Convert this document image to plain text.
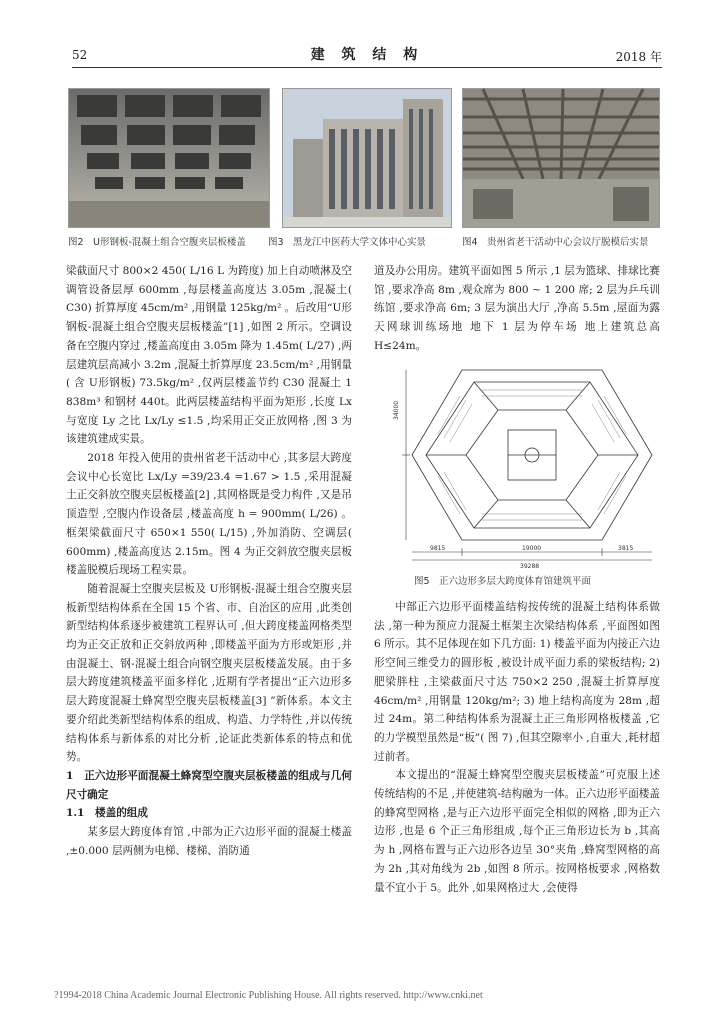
52	建 筑 结 构	2018 年
图2　U形钢板-混凝土组合空腹夹层板楼盖 图3　黑龙江中医药大学文体中心实景	图4　贵州省老干活动中心会议厅脱模后实景

梁截面尺寸 800×2 450( L/16 L 为跨度) 加上自动喷淋及空调管设备层厚 600mm ,每层楼盖高度达 3.05m ,混凝土( C30) 折算厚度 45cm/m² ,用钢量 125kg/m² 。后改用“U形钢板-混凝土组合空腹夹层板楼盖”[1] ,如图 2 所示。空调设备在空腹内穿过 ,楼盖高度由 3.05m 降为 1.45m( L/27) ,两层建筑层高减小 3.2m ,混凝土折算厚度 23.5cm/m² ,用钢量( 含 U形钢板) 73.5kg/m² ,仅两层楼盖节约 C30 混凝土 1 838m³ 和钢材 440t。此两层楼盖结构平面为矩形 ,长度 Lx 与宽度 Ly 之比 Lx/Ly ≤1.5 ,均采用正交正放网格 ,图 3 为该建筑建成实景。

2018 年投入使用的贵州省老干活动中心 ,其多层大跨度会议中心长宽比 Lx/Ly =39/23.4 =1.67 > 1.5 ,采用混凝土正交斜放空腹夹层板楼盖[2] ,其网格既是受力构件 ,又是吊顶造型 ,空腹内作设备层 ,楼盖高度 h = 900mm( L/26) 。框架梁截面尺寸 650×1 550( L/15) ,外加消防、空调层( 600mm) ,楼盖高度达 2.15m。图 4 为正交斜放空腹夹层板楼盖脱模后现场工程实景。

随着混凝土空腹夹层板及 U形钢板-混凝土组合空腹夹层板新型结构体系在全国 15 个省、市、自治区的应用 ,此类创新型结构体系逐步被建筑工程界认可 ,但大跨度楼盖网格类型均为正交正放和正交斜放两种 ,即楼盖平面为方形或矩形 ,并由混凝土、钢-混凝土组合向钢空腹夹层板楼盖发展。由于多层大跨度建筑楼盖平面多样化 ,近期有学者提出“正六边形多层大跨度混凝土蜂窝型空腹夹层板楼盖[3] ”新体系。本文主要介绍此类新型结构体系的组成、构造、力学特性 ,并以传统结构体系与新体系的对比分析 ,论证此类新体系的特点和优势。

1　正六边形平面混凝土蜂窝型空腹夹层板楼盖的组成与几何尺寸确定

1.1　楼盖的组成

某多层大跨度体育馆 ,中部为正六边形平面的混凝土楼盖 ,±0.000 层两侧为电梯、楼梯、消防通

道及办公用房。建筑平面如图 5 所示 ,1 层为篮球、排球比赛馆 ,要求净高 8m ,观众席为 800 ~ 1 200 席; 2 层为乒乓训练馆 ,要求净高 6m; 3 层为演出大厅 ,净高 5.5m ,屋面为露天网球训练场地 地下 1 层为停车场 地上建筑总高 H≤24m。

9815	19000	3815
39288
34000
图5　正六边形多层大跨度体育馆建筑平面

中部正六边形平面楼盖结构按传统的混凝土结构体系做法 ,第一种为预应力混凝土框架主次梁结构体系 ,平面图如图 6 所示。其不足体现在如下几方面: 1) 楼盖平面为内接正六边形空间三维受力的圆形板 ,被设计成平面力系的梁板结构; 2) 肥梁胖柱 ,主梁截面尺寸达 750×2 250 ,混凝土折算厚度 46cm/m² ,用钢量 120kg/m²; 3) 地上结构高度为 28m ,超过 24m。第二种结构体系为混凝土正三角形网格板楼盖 ,它的力学模型虽然是“板”( 图 7) ,但其空隙率小 ,自重大 ,耗材超过前者。

本文提出的“混凝土蜂窝型空腹夹层板楼盖”可克服上述传统结构的不足 ,并使建筑-结构融为一体。正六边形平面楼盖的蜂窝型网格 ,是与正六边形平面完全相似的网格 ,即为正六边形 ,也是 6 个正三角形组成 ,每个正三角形边长为 b ,其高为 h ,网格布置与正六边形各边呈 30°夹角 ,蜂窝型网格的高为 2h ,其对角线为 2b ,如图 8 所示。按网格板要求 ,网格数量不宜小于 5。此外 ,如果网格过大 ,会使得

?1994-2018 China Academic Journal Electronic Publishing House. All rights reserved. http://www.cnki.net
